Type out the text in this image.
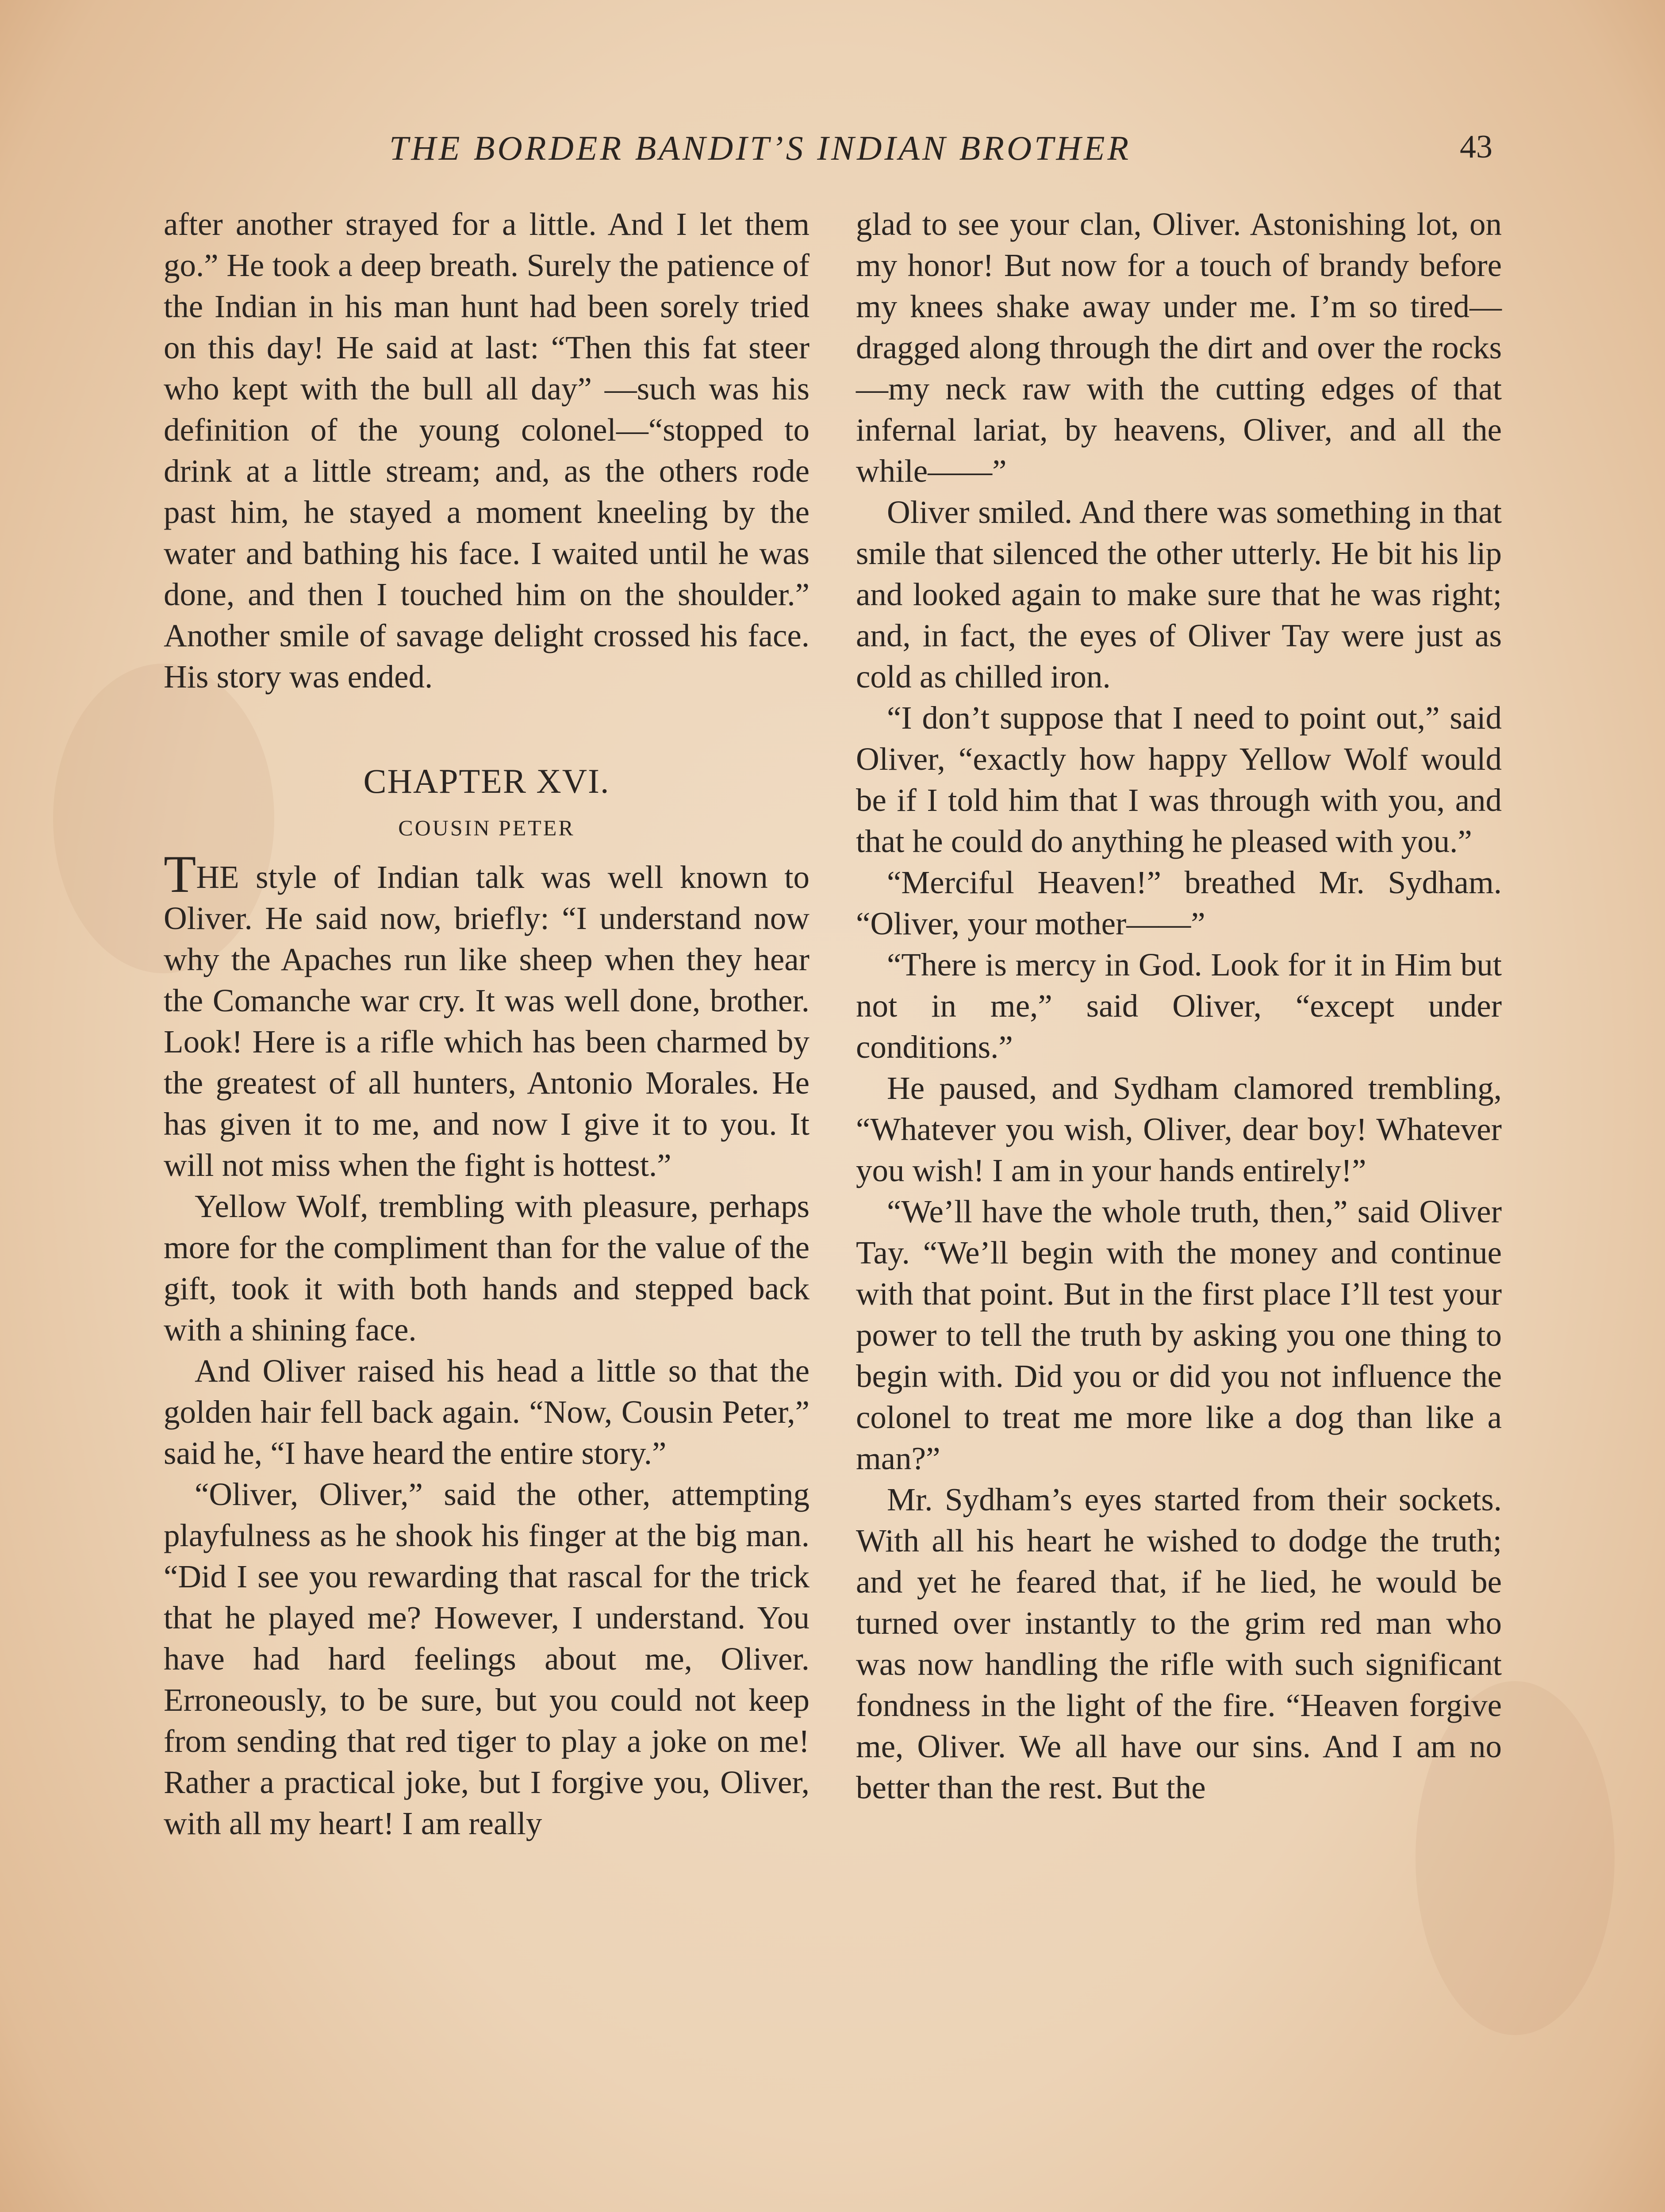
THE BORDER BANDIT’S INDIAN BROTHER	43

after another strayed for a little. And I let them go.” He took a deep breath. Surely the patience of the Indian in his man hunt had been sorely tried on this day! He said at last: “Then this fat steer who kept with the bull all day” —such was his definition of the young colonel—“stopped to drink at a little stream; and, as the others rode past him, he stayed a moment kneeling by the water and bathing his face. I waited until he was done, and then I touched him on the shoulder.” Another smile of savage delight crossed his face. His story was ended.

CHAPTER XVI.
COUSIN PETER

THE style of Indian talk was well known to Oliver. He said now, briefly: “I understand now why the Apaches run like sheep when they hear the Comanche war cry. It was well done, brother. Look! Here is a rifle which has been charmed by the greatest of all hunters, Antonio Morales. He has given it to me, and now I give it to you. It will not miss when the fight is hottest.”

Yellow Wolf, trembling with pleasure, perhaps more for the compliment than for the value of the gift, took it with both hands and stepped back with a shining face.

And Oliver raised his head a little so that the golden hair fell back again. “Now, Cousin Peter,” said he, “I have heard the entire story.”

“Oliver, Oliver,” said the other, attempting playfulness as he shook his finger at the big man. “Did I see you rewarding that rascal for the trick that he played me? However, I understand. You have had hard feelings about me, Oliver. Erroneously, to be sure, but you could not keep from sending that red tiger to play a joke on me! Rather a practical joke, but I forgive you, Oliver, with all my heart! I am really

glad to see your clan, Oliver. Astonishing lot, on my honor! But now for a touch of brandy before my knees shake away under me. I’m so tired—dragged along through the dirt and over the rocks—my neck raw with the cutting edges of that infernal lariat, by heavens, Oliver, and all the while——”

Oliver smiled. And there was something in that smile that silenced the other utterly. He bit his lip and looked again to make sure that he was right; and, in fact, the eyes of Oliver Tay were just as cold as chilled iron.

“I don’t suppose that I need to point out,” said Oliver, “exactly how happy Yellow Wolf would be if I told him that I was through with you, and that he could do anything he pleased with you.”

“Merciful Heaven!” breathed Mr. Sydham. “Oliver, your mother——”

“There is mercy in God. Look for it in Him but not in me,” said Oliver, “except under conditions.”

He paused, and Sydham clamored trembling, “Whatever you wish, Oliver, dear boy! Whatever you wish! I am in your hands entirely!”

“We’ll have the whole truth, then,” said Oliver Tay. “We’ll begin with the money and continue with that point. But in the first place I’ll test your power to tell the truth by asking you one thing to begin with. Did you or did you not influence the colonel to treat me more like a dog than like a man?”

Mr. Sydham’s eyes started from their sockets. With all his heart he wished to dodge the truth; and yet he feared that, if he lied, he would be turned over instantly to the grim red man who was now handling the rifle with such significant fondness in the light of the fire. “Heaven forgive me, Oliver. We all have our sins. And I am no better than the rest. But the
